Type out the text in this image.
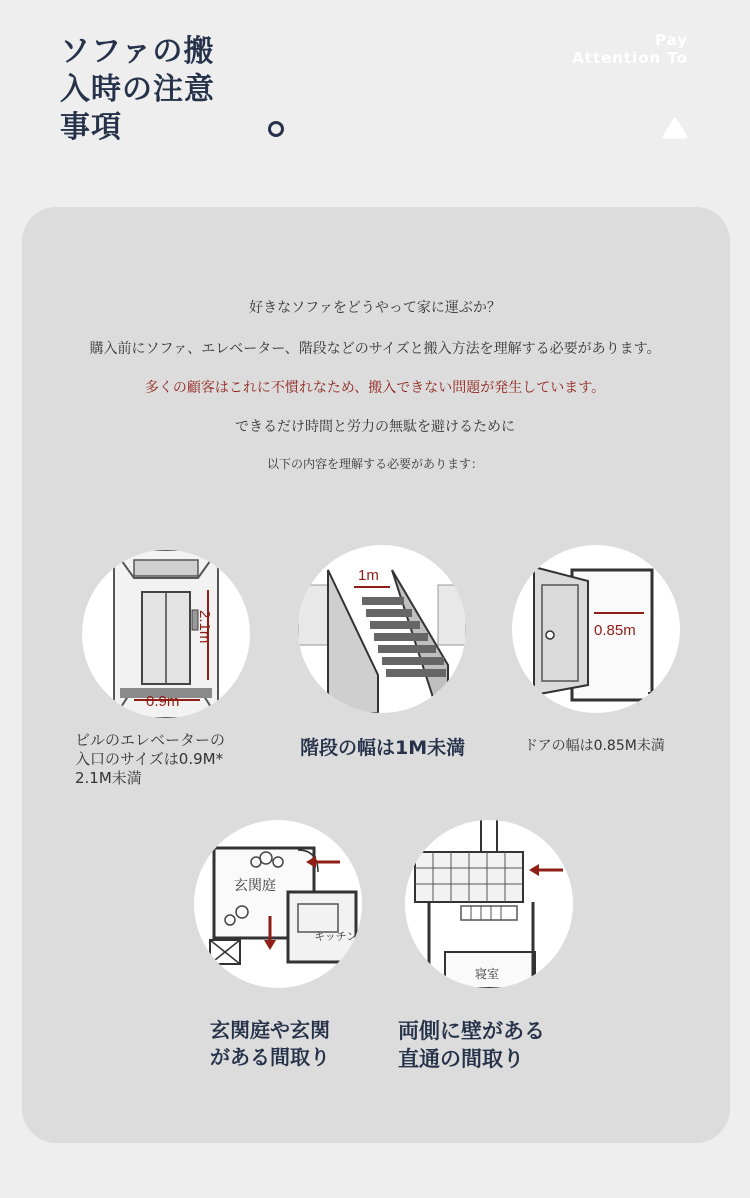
ソファの搬
入時の注意
事項
Pay
Attention To

好きなソファをどうやって家に運ぶか？

購入前にソファ、エレベーター、階段などのサイズと搬入方法を理解する必要があります。

多くの顧客はこれに不慣れなため、搬入できない問題が発生しています。

できるだけ時間と労力の無駄を避けるために

以下の内容を理解する必要があります：

0.9m
2.1m
1m
0.85m
ビルのエレベーターの
入口のサイズは0.9M*
2.1M未満

階段の幅は1M未満	ドアの幅は0.85M未満

玄関庭
キッチン
寝室
玄関庭や玄関
がある間取り
両側に壁がある
直通の間取り
